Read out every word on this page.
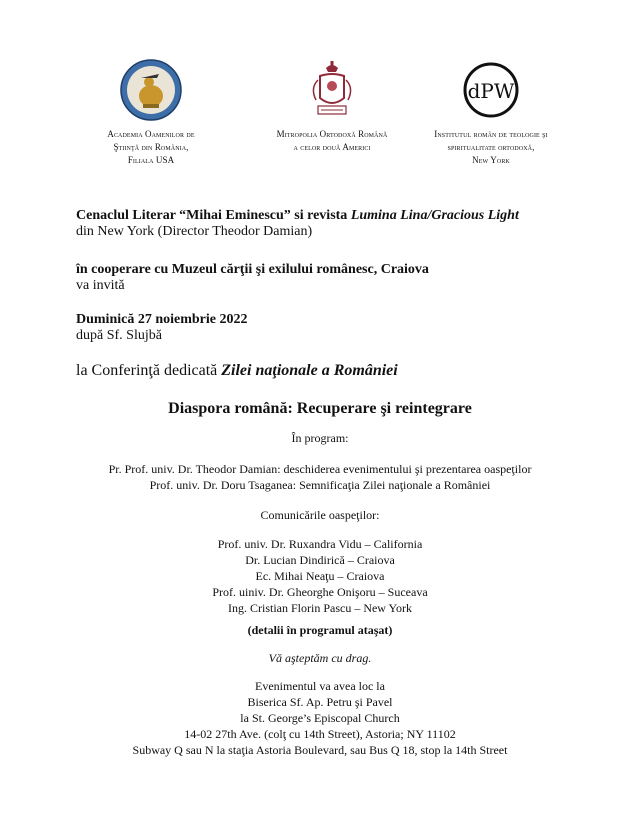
Academia Oamenilor de
Ştiinţă din România,
Filiala USA
Mitropolia Ortodoxă Română
a celor două Americi
dPW
Institutul român de teologie şi
spiritualitate ortodoxă,
New York
Cenaclul Literar “Mihai Eminescu” si revista Lumina Lina/Gracious Light
din New York (Director Theodor Damian)
în cooperare cu Muzeul cărţii şi exilului românesc, Craiova
va invită
Duminică 27 noiembrie 2022
după Sf. Slujbă
la Conferinţă dedicată Zilei naţionale a României
Diaspora română: Recuperare şi reintegrare
În program:
Pr. Prof. univ. Dr. Theodor Damian: deschiderea evenimentului şi prezentarea oaspeţilor
Prof. univ. Dr. Doru Tsaganea: Semnificaţia Zilei naţionale a României
Comunicările oaspeţilor:
Prof. univ. Dr. Ruxandra Vidu – California
Dr. Lucian Dindirică – Craiova
Ec. Mihai Neaţu – Craiova
Prof. uiniv. Dr. Gheorghe Onişoru – Suceava
Ing. Cristian Florin Pascu – New York
(detalii în programul ataşat)
Vă aşteptăm cu drag.
Evenimentul va avea loc la
Biserica Sf. Ap. Petru şi Pavel
la St. George’s Episcopal Church
14-02 27th Ave. (colţ cu 14th Street), Astoria; NY 11102
Subway Q sau N la staţia Astoria Boulevard, sau Bus Q 18, stop la 14th Street
